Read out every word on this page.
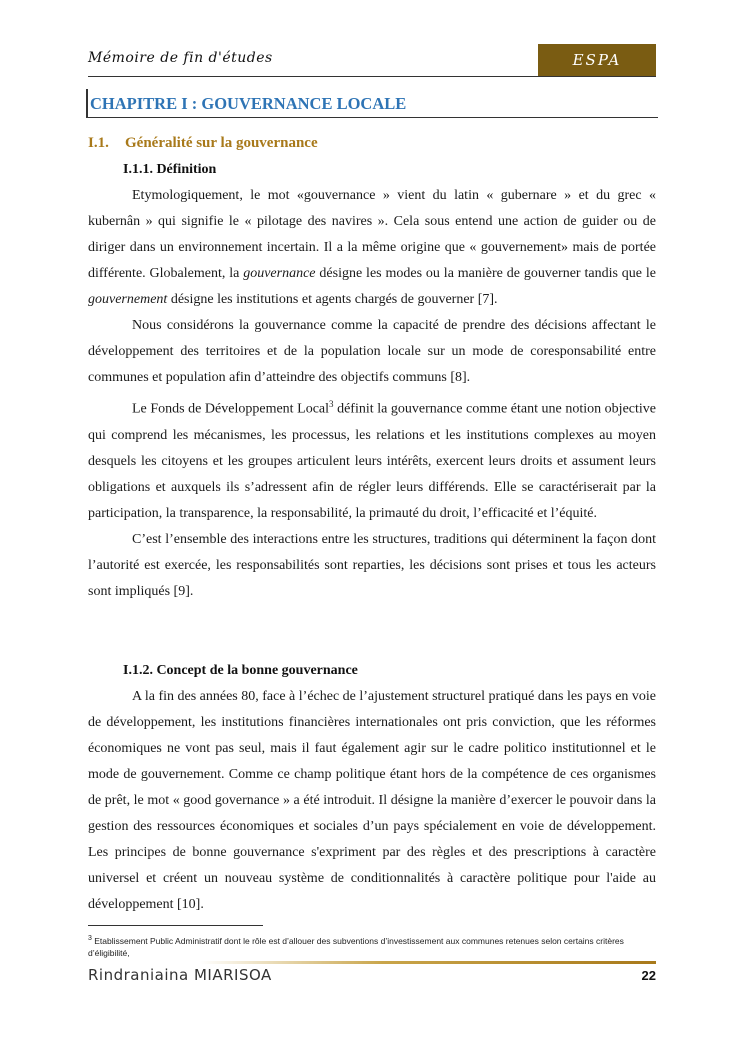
Mémoire de fin d'études	ESPA
CHAPITRE I : GOUVERNANCE LOCALE
I.1. Généralité sur la gouvernance
I.1.1. Définition

Etymologiquement, le mot «gouvernance » vient du latin « gubernare » et du grec « kubernân » qui signifie le « pilotage des navires ». Cela sous entend une action de guider ou de diriger dans un environnement incertain. Il a la même origine que « gouvernement» mais de portée différente. Globalement, la gouvernance désigne les modes ou la manière de gouverner tandis que le gouvernement désigne les institutions et agents chargés de gouverner [7].

Nous considérons la gouvernance comme la capacité de prendre des décisions affectant le développement des territoires et de la population locale sur un mode de coresponsabilité entre communes et population afin d’atteindre des objectifs communs [8].

Le Fonds de Développement Local$^3$ définit la gouvernance comme étant une notion objective qui comprend les mécanismes, les processus, les relations et les institutions complexes au moyen desquels les citoyens et les groupes articulent leurs intérêts, exercent leurs droits et assument leurs obligations et auxquels ils s’adressent afin de régler leurs différends. Elle se caractériserait par la participation, la transparence, la responsabilité, la primauté du droit, l’efficacité et l’équité.

C’est l’ensemble des interactions entre les structures, traditions qui déterminent la façon dont l’autorité est exercée, les responsabilités sont reparties, les décisions sont prises et tous les acteurs sont impliqués [9].

I.1.2. Concept de la bonne gouvernance

A la fin des années 80, face à l’échec de l’ajustement structurel pratiqué dans les pays en voie de développement, les institutions financières internationales ont pris conviction, que les réformes économiques ne vont pas seul, mais il faut également agir sur le cadre politico institutionnel et le mode de gouvernement. Comme ce champ politique étant hors de la compétence de ces organismes de prêt, le mot « good governance » a été introduit. Il désigne la manière d’exercer le pouvoir dans la gestion des ressources économiques et sociales d’un pays spécialement en voie de développement. Les principes de bonne gouvernance s'expriment par des règles et des prescriptions à caractère universel et créent un nouveau système de conditionnalités à caractère politique pour l'aide au développement [10].

$^3$ Etablissement Public Administratif dont le rôle est d’allouer des subventions d’investissement aux communes retenues selon certains critères d’éligibilité,
Rindraniaina MIARISOA	22
